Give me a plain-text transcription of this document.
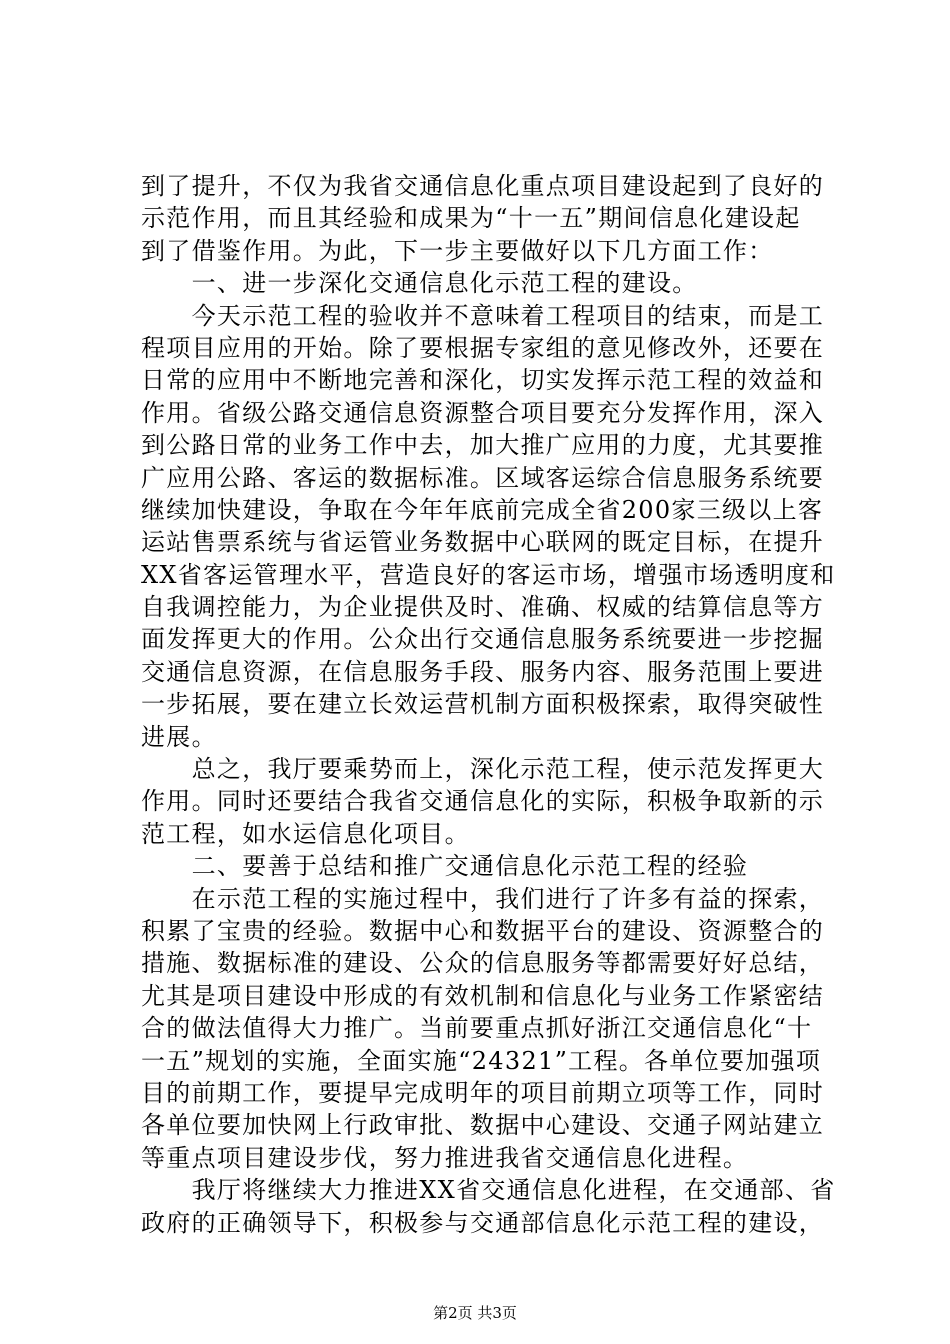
到了提升，不仅为我省交通信息化重点项目建设起到了良好的
示范作用，而且其经验和成果为“十一五”期间信息化建设起
到了借鉴作用。为此，下一步主要做好以下几方面工作：
　　一、进一步深化交通信息化示范工程的建设。
　　今天示范工程的验收并不意味着工程项目的结束，而是工
程项目应用的开始。除了要根据专家组的意见修改外，还要在
日常的应用中不断地完善和深化，切实发挥示范工程的效益和
作用。省级公路交通信息资源整合项目要充分发挥作用，深入
到公路日常的业务工作中去，加大推广应用的力度，尤其要推
广应用公路、客运的数据标准。区域客运综合信息服务系统要
继续加快建设，争取在今年年底前完成全省200家三级以上客
运站售票系统与省运管业务数据中心联网的既定目标，在提升
XX省客运管理水平，营造良好的客运市场，增强市场透明度和
自我调控能力，为企业提供及时、准确、权威的结算信息等方
面发挥更大的作用。公众出行交通信息服务系统要进一步挖掘
交通信息资源，在信息服务手段、服务内容、服务范围上要进
一步拓展，要在建立长效运营机制方面积极探索，取得突破性
进展。
　　总之，我厅要乘势而上，深化示范工程，使示范发挥更大
作用。同时还要结合我省交通信息化的实际，积极争取新的示
范工程，如水运信息化项目。
　　二、要善于总结和推广交通信息化示范工程的经验
　　在示范工程的实施过程中，我们进行了许多有益的探索，
积累了宝贵的经验。数据中心和数据平台的建设、资源整合的
措施、数据标准的建设、公众的信息服务等都需要好好总结，
尤其是项目建设中形成的有效机制和信息化与业务工作紧密结
合的做法值得大力推广。当前要重点抓好浙江交通信息化“十
一五”规划的实施，全面实施“24321”工程。各单位要加强项
目的前期工作，要提早完成明年的项目前期立项等工作，同时
各单位要加快网上行政审批、数据中心建设、交通子网站建立
等重点项目建设步伐，努力推进我省交通信息化进程。
　　我厅将继续大力推进XX省交通信息化进程，在交通部、省
政府的正确领导下，积极参与交通部信息化示范工程的建设，
第2页 共3页
